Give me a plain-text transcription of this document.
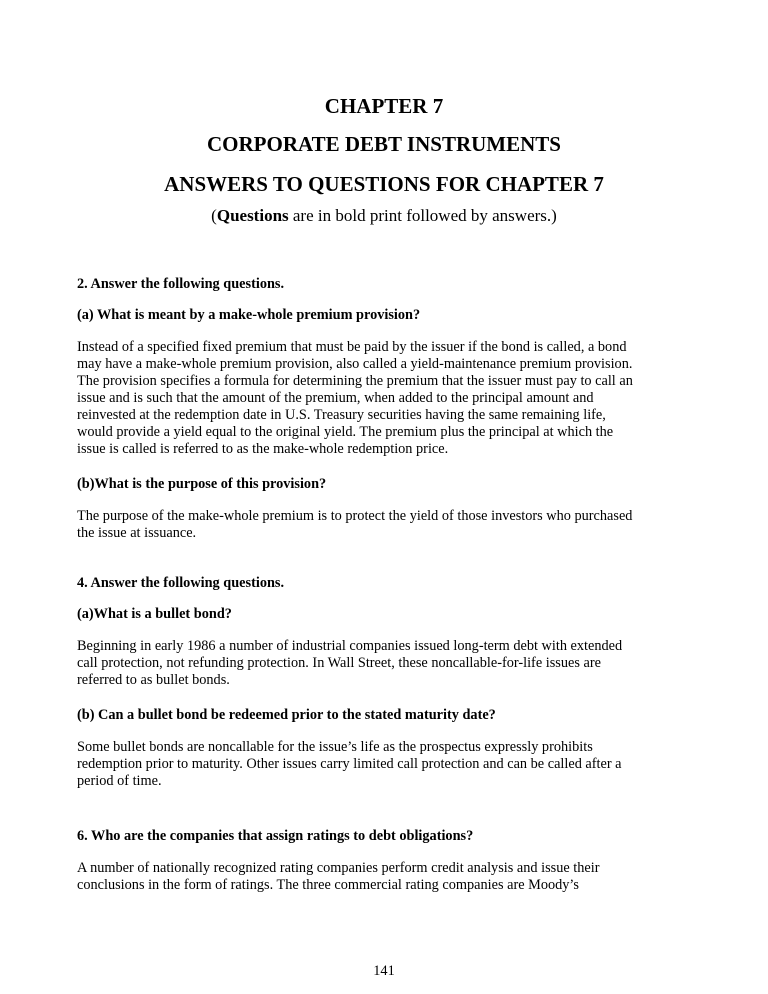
CHAPTER 7
CORPORATE DEBT INSTRUMENTS
ANSWERS TO QUESTIONS FOR CHAPTER 7

(Questions are in bold print followed by answers.)

2. Answer the following questions.

(a) What is meant by a make-whole premium provision?

Instead of a specified fixed premium that must be paid by the issuer if the bond is called, a bond
may have a make-whole premium provision, also called a yield-maintenance premium provision.
The provision specifies a formula for determining the premium that the issuer must pay to call an
issue and is such that the amount of the premium, when added to the principal amount and
reinvested at the redemption date in U.S. Treasury securities having the same remaining life,
would provide a yield equal to the original yield. The premium plus the principal at which the
issue is called is referred to as the make-whole redemption price.

(b)What is the purpose of this provision?

The purpose of the make-whole premium is to protect the yield of those investors who purchased
the issue at issuance.

4. Answer the following questions.

(a)What is a bullet bond?

Beginning in early 1986 a number of industrial companies issued long-term debt with extended
call protection, not refunding protection. In Wall Street, these noncallable-for-life issues are
referred to as bullet bonds.

(b) Can a bullet bond be redeemed prior to the stated maturity date?

Some bullet bonds are noncallable for the issue’s life as the prospectus expressly prohibits
redemption prior to maturity. Other issues carry limited call protection and can be called after a
period of time.

6. Who are the companies that assign ratings to debt obligations?

A number of nationally recognized rating companies perform credit analysis and issue their
conclusions in the form of ratings. The three commercial rating companies are Moody’s

141
